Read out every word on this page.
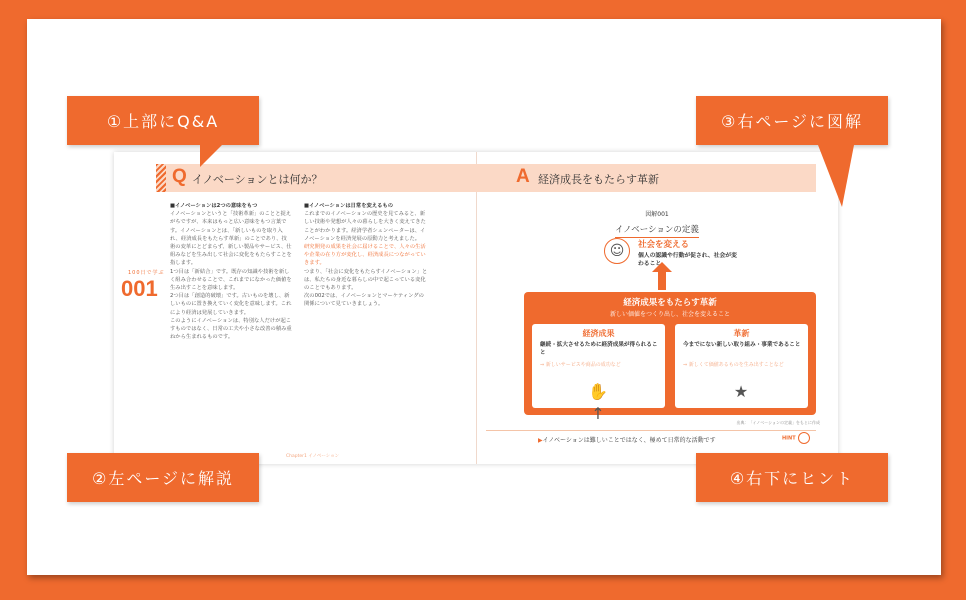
Q イノベーションとは何か？
100日で学ぶ
001
■イノベーションは2つの意味をもつ
イノベーションというと「技術革新」のことと捉えがちですが、本来はもっと広い意味をもつ言葉です。イノベーションとは、「新しいものを取り入れ、経済成長をもたらす革新」のことであり、技術の変革にとどまらず、新しい製品やサービス、仕組みなどを生み出して社会に変化をもたらすことを指します。
1つ目は「新結合」です。既存の知識や技術を新しく組み合わせることで、これまでになかった価値を生み出すことを意味します。
2つ目は「創造的破壊」です。古いものを壊し、新しいものに置き換えていく変化を意味します。これにより経済は発展していきます。
このようにイノベーションは、特別な人だけが起こすものではなく、日常の工夫や小さな改善の積み重ねから生まれるものです。
■イノベーションは日常を変えるもの
これまでのイノベーションの歴史を見てみると、新しい技術や発想が人々の暮らしを大きく変えてきたことがわかります。経済学者シュンペーターは、イノベーションを経済発展の原動力と考えました。
研究開発の成果を社会に届けることで、人々の生活や企業の在り方が変化し、経済成長につながっていきます。
つまり、「社会に変化をもたらすイノベーション」とは、私たちの身近な暮らしの中で起こっている変化のことでもあります。
次の002では、イノベーションとマーケティングの関係について見ていきましょう。
Chapter1 イノベーション
A 経済成長をもたらす革新
図解001
イノベーションの定義
☺	社会を変える
個人の認識や行動が促され、社会が変わること
経済成果をもたらす革新
新しい価値をつくり出し、社会を変えること
経済成果
継続・拡大させるために経済成果が得られること
⇒ 新しいサービスや商品の成功など
✋↑
革新
今までにない新しい取り組み・事業であること
⇒ 新しくて価値あるものを生み出すことなど
★
出典：「イノベーションの定義」をもとに作成
▶イノベーションは難しいことではなく、極めて日常的な活動です	HINT
①上部にQ&A
②左ページに解説
③右ページに図解
④右下にヒント
